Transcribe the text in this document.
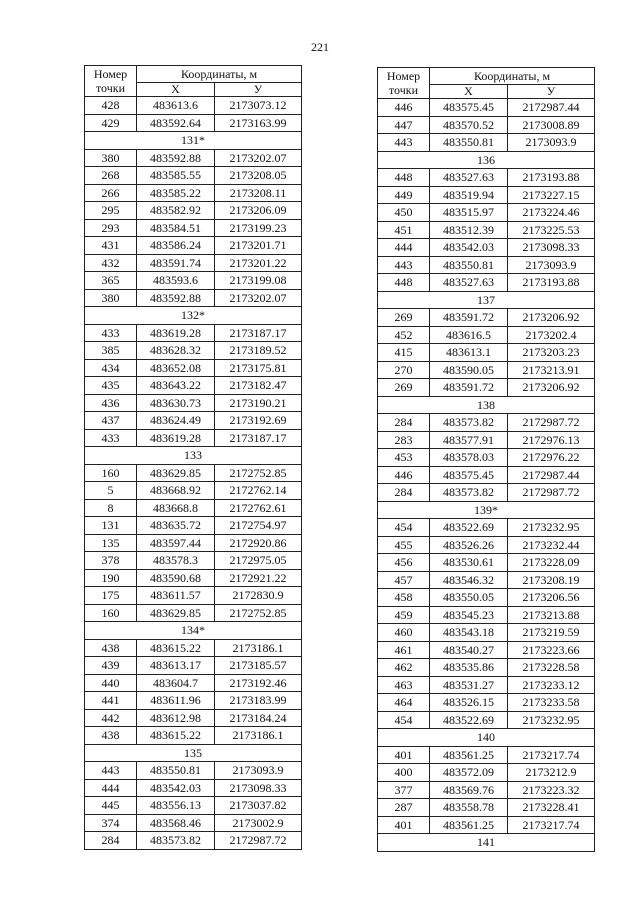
221
Номер
точки	Координаты, м	
	X	У
428	483613.6	2173073.12
429	483592.64	2173163.99
131*		
380	483592.88	2173202.07
268	483585.55	2173208.05
266	483585.22	2173208.11
295	483582.92	2173206.09
293	483584.51	2173199.23
431	483586.24	2173201.71
432	483591.74	2173201.22
365	483593.6	2173199.08
380	483592.88	2173202.07
132*		
433	483619.28	2173187.17
385	483628.32	2173189.52
434	483652.08	2173175.81
435	483643.22	2173182.47
436	483630.73	2173190.21
437	483624.49	2173192.69
433	483619.28	2173187.17
133		
160	483629.85	2172752.85
5	483668.92	2172762.14
8	483668.8	2172762.61
131	483635.72	2172754.97
135	483597.44	2172920.86
378	483578.3	2172975.05
190	483590.68	2172921.22
175	483611.57	2172830.9
160	483629.85	2172752.85
134*		
438	483615.22	2173186.1
439	483613.17	2173185.57
440	483604.7	2173192.46
441	483611.96	2173183.99
442	483612.98	2173184.24
438	483615.22	2173186.1
135		
443	483550.81	2173093.9
444	483542.03	2173098.33
445	483556.13	2173037.82
374	483568.46	2173002.9
284	483573.82	2172987.72
Номер
точки	Координаты, м	
	X	У
446	483575.45	2172987.44
447	483570.52	2173008.89
443	483550.81	2173093.9
136		
448	483527.63	2173193.88
449	483519.94	2173227.15
450	483515.97	2173224.46
451	483512.39	2173225.53
444	483542.03	2173098.33
443	483550.81	2173093.9
448	483527.63	2173193.88
137		
269	483591.72	2173206.92
452	483616.5	2173202.4
415	483613.1	2173203.23
270	483590.05	2173213.91
269	483591.72	2173206.92
138		
284	483573.82	2172987.72
283	483577.91	2172976.13
453	483578.03	2172976.22
446	483575.45	2172987.44
284	483573.82	2172987.72
139*		
454	483522.69	2173232.95
455	483526.26	2173232.44
456	483530.61	2173228.09
457	483546.32	2173208.19
458	483550.05	2173206.56
459	483545.23	2173213.88
460	483543.18	2173219.59
461	483540.27	2173223.66
462	483535.86	2173228.58
463	483531.27	2173233.12
464	483526.15	2173233.58
454	483522.69	2173232.95
140		
401	483561.25	2173217.74
400	483572.09	2173212.9
377	483569.76	2173223.32
287	483558.78	2173228.41
401	483561.25	2173217.74
141		
